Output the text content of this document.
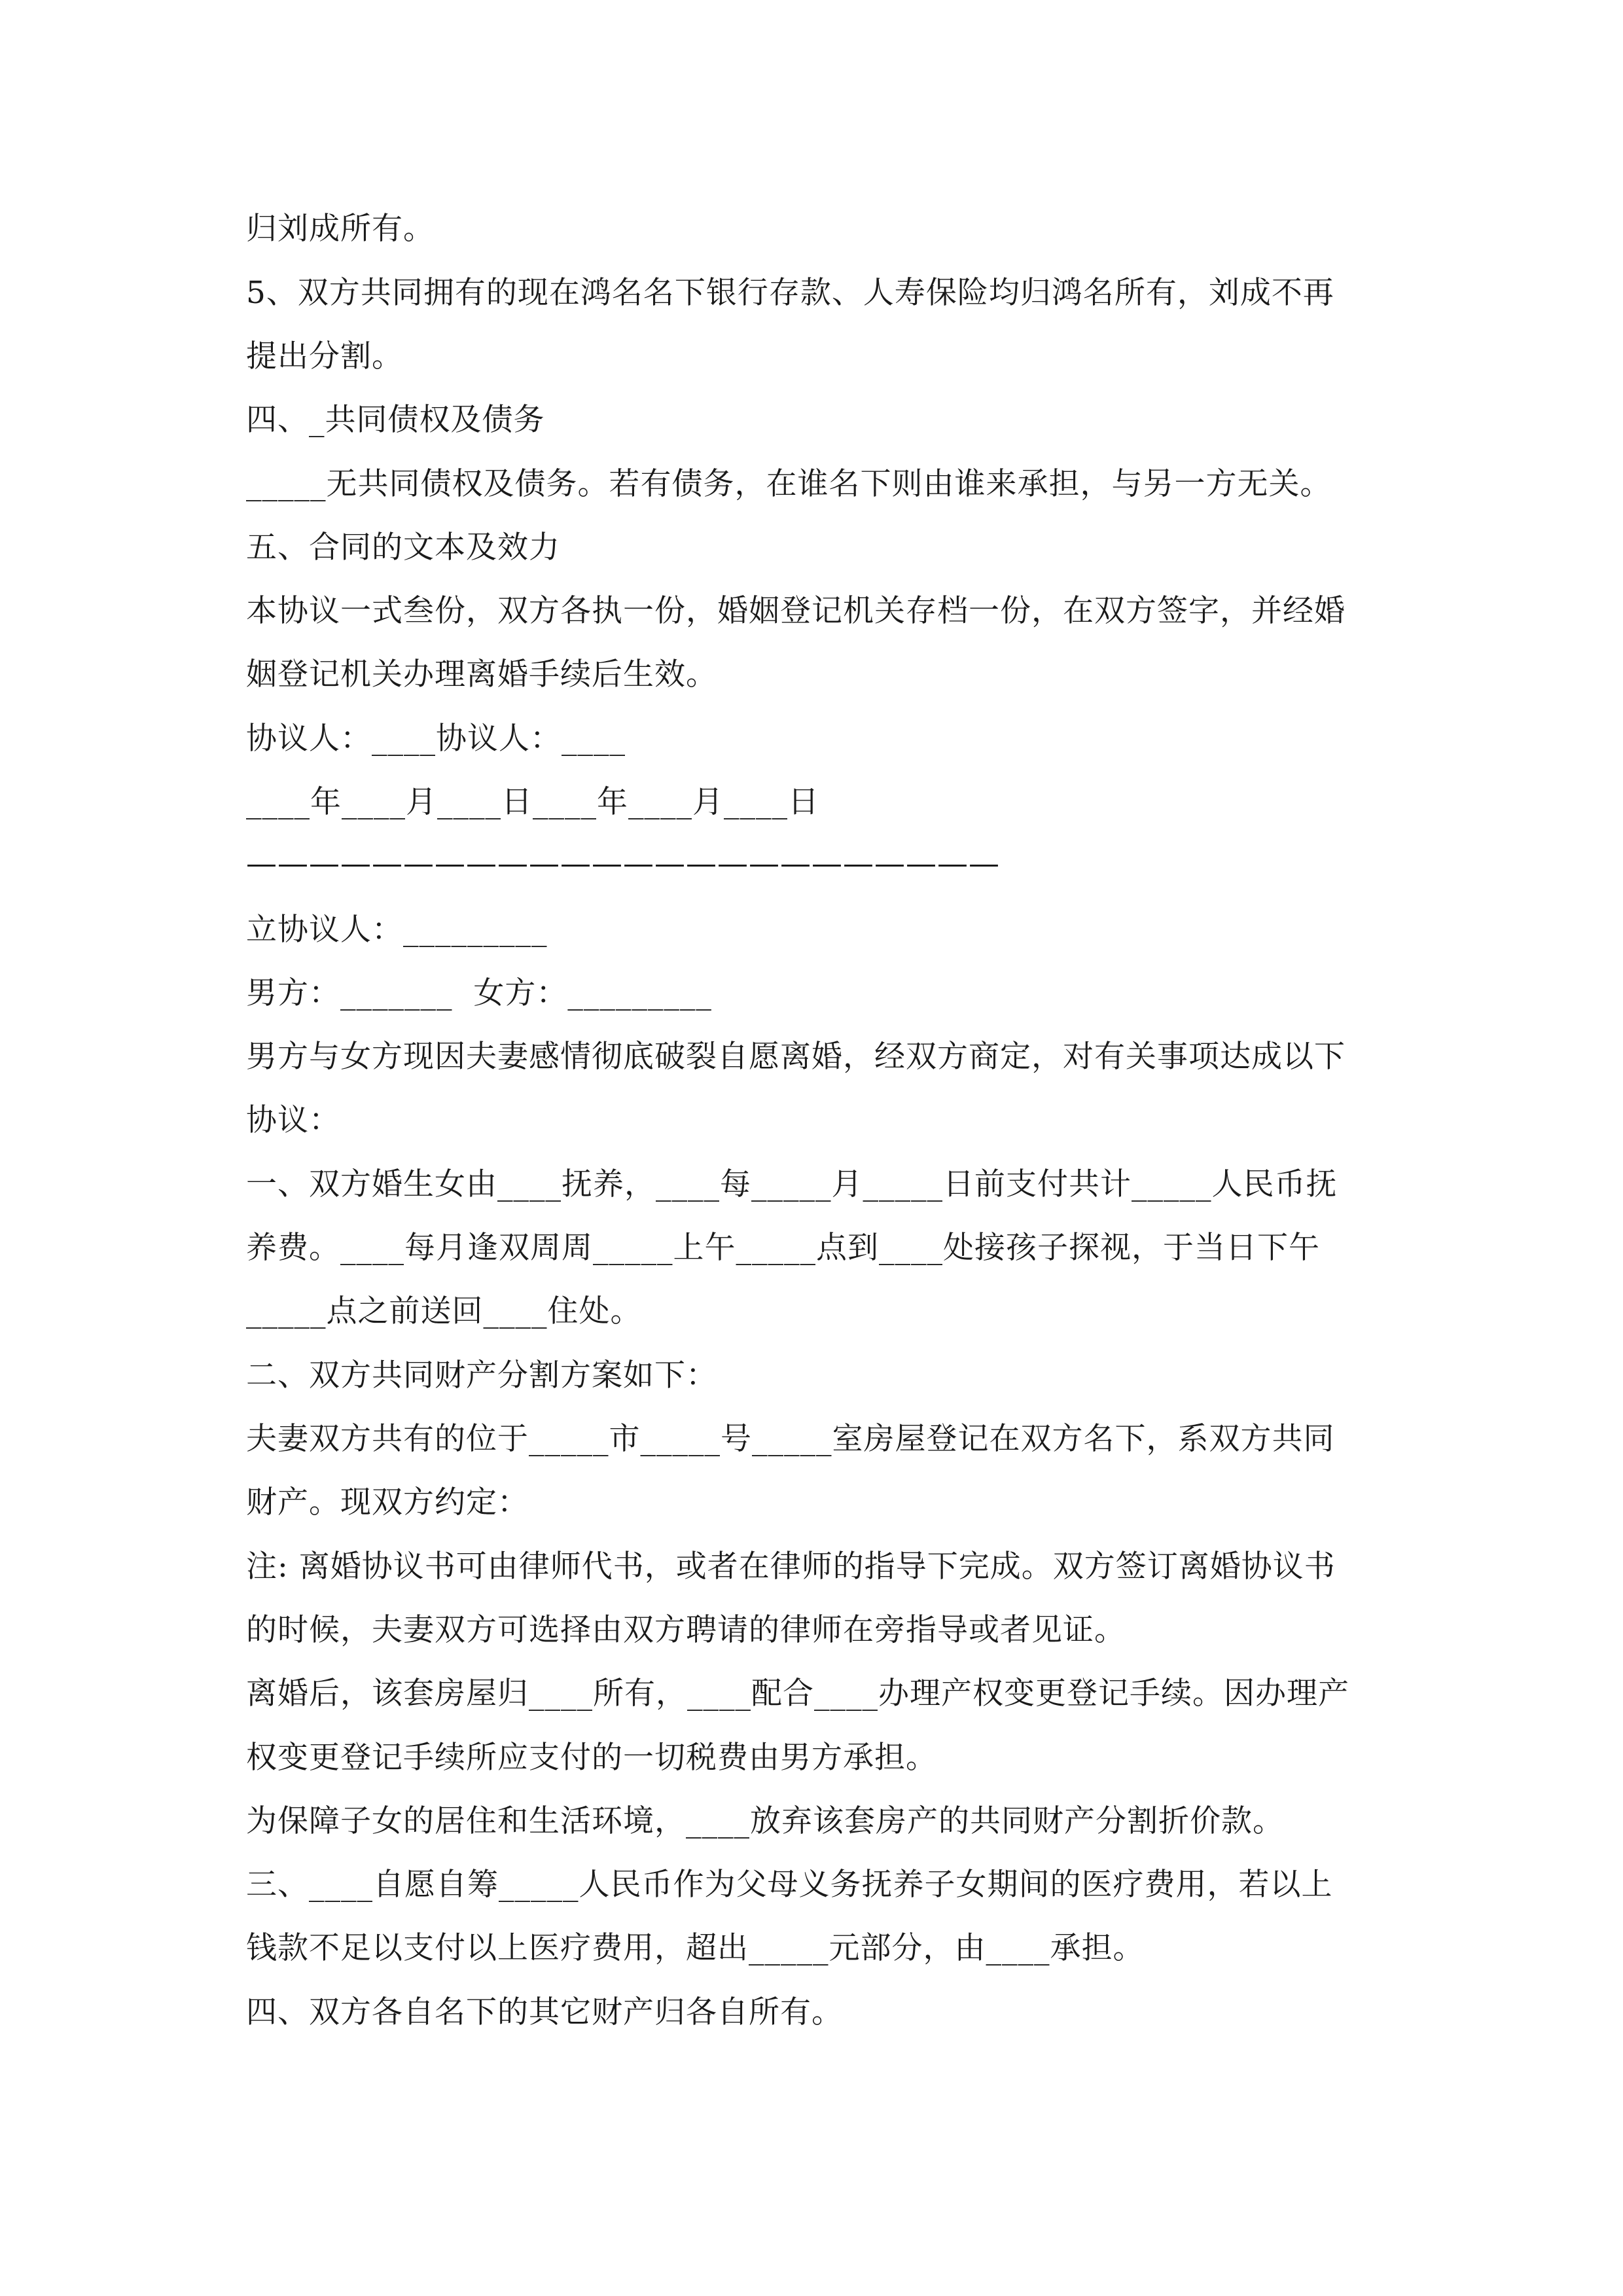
归刘成所有。
5、双方共同拥有的现在鸿名名下银行存款、人寿保险均归鸿名所有，刘成不再
提出分割。
四、_共同债权及债务
_____无共同债权及债务。若有债务，在谁名下则由谁来承担，与另一方无关。
五、合同的文本及效力
本协议一式叁份，双方各执一份，婚姻登记机关存档一份，在双方签字，并经婚
姻登记机关办理离婚手续后生效。
协议人：____协议人：____
____年____月____日____年____月____日
————————————————————————
立协议人：_________
男方：_______  女方：_________
男方与女方现因夫妻感情彻底破裂自愿离婚，经双方商定，对有关事项达成以下
协议：
一、双方婚生女由____抚养，____每_____月_____日前支付共计_____人民币抚
养费。____每月逢双周周_____上午_____点到____处接孩子探视，于当日下午
_____点之前送回____住处。
二、双方共同财产分割方案如下：
夫妻双方共有的位于_____市_____号_____室房屋登记在双方名下，系双方共同
财产。现双方约定：
注: 离婚协议书可由律师代书，或者在律师的指导下完成。双方签订离婚协议书
的时候，夫妻双方可选择由双方聘请的律师在旁指导或者见证。
离婚后，该套房屋归____所有，____配合____办理产权变更登记手续。因办理产
权变更登记手续所应支付的一切税费由男方承担。
为保障子女的居住和生活环境，____放弃该套房产的共同财产分割折价款。
三、____自愿自筹_____人民币作为父母义务抚养子女期间的医疗费用，若以上
钱款不足以支付以上医疗费用，超出_____元部分，由____承担。
四、双方各自名下的其它财产归各自所有。
